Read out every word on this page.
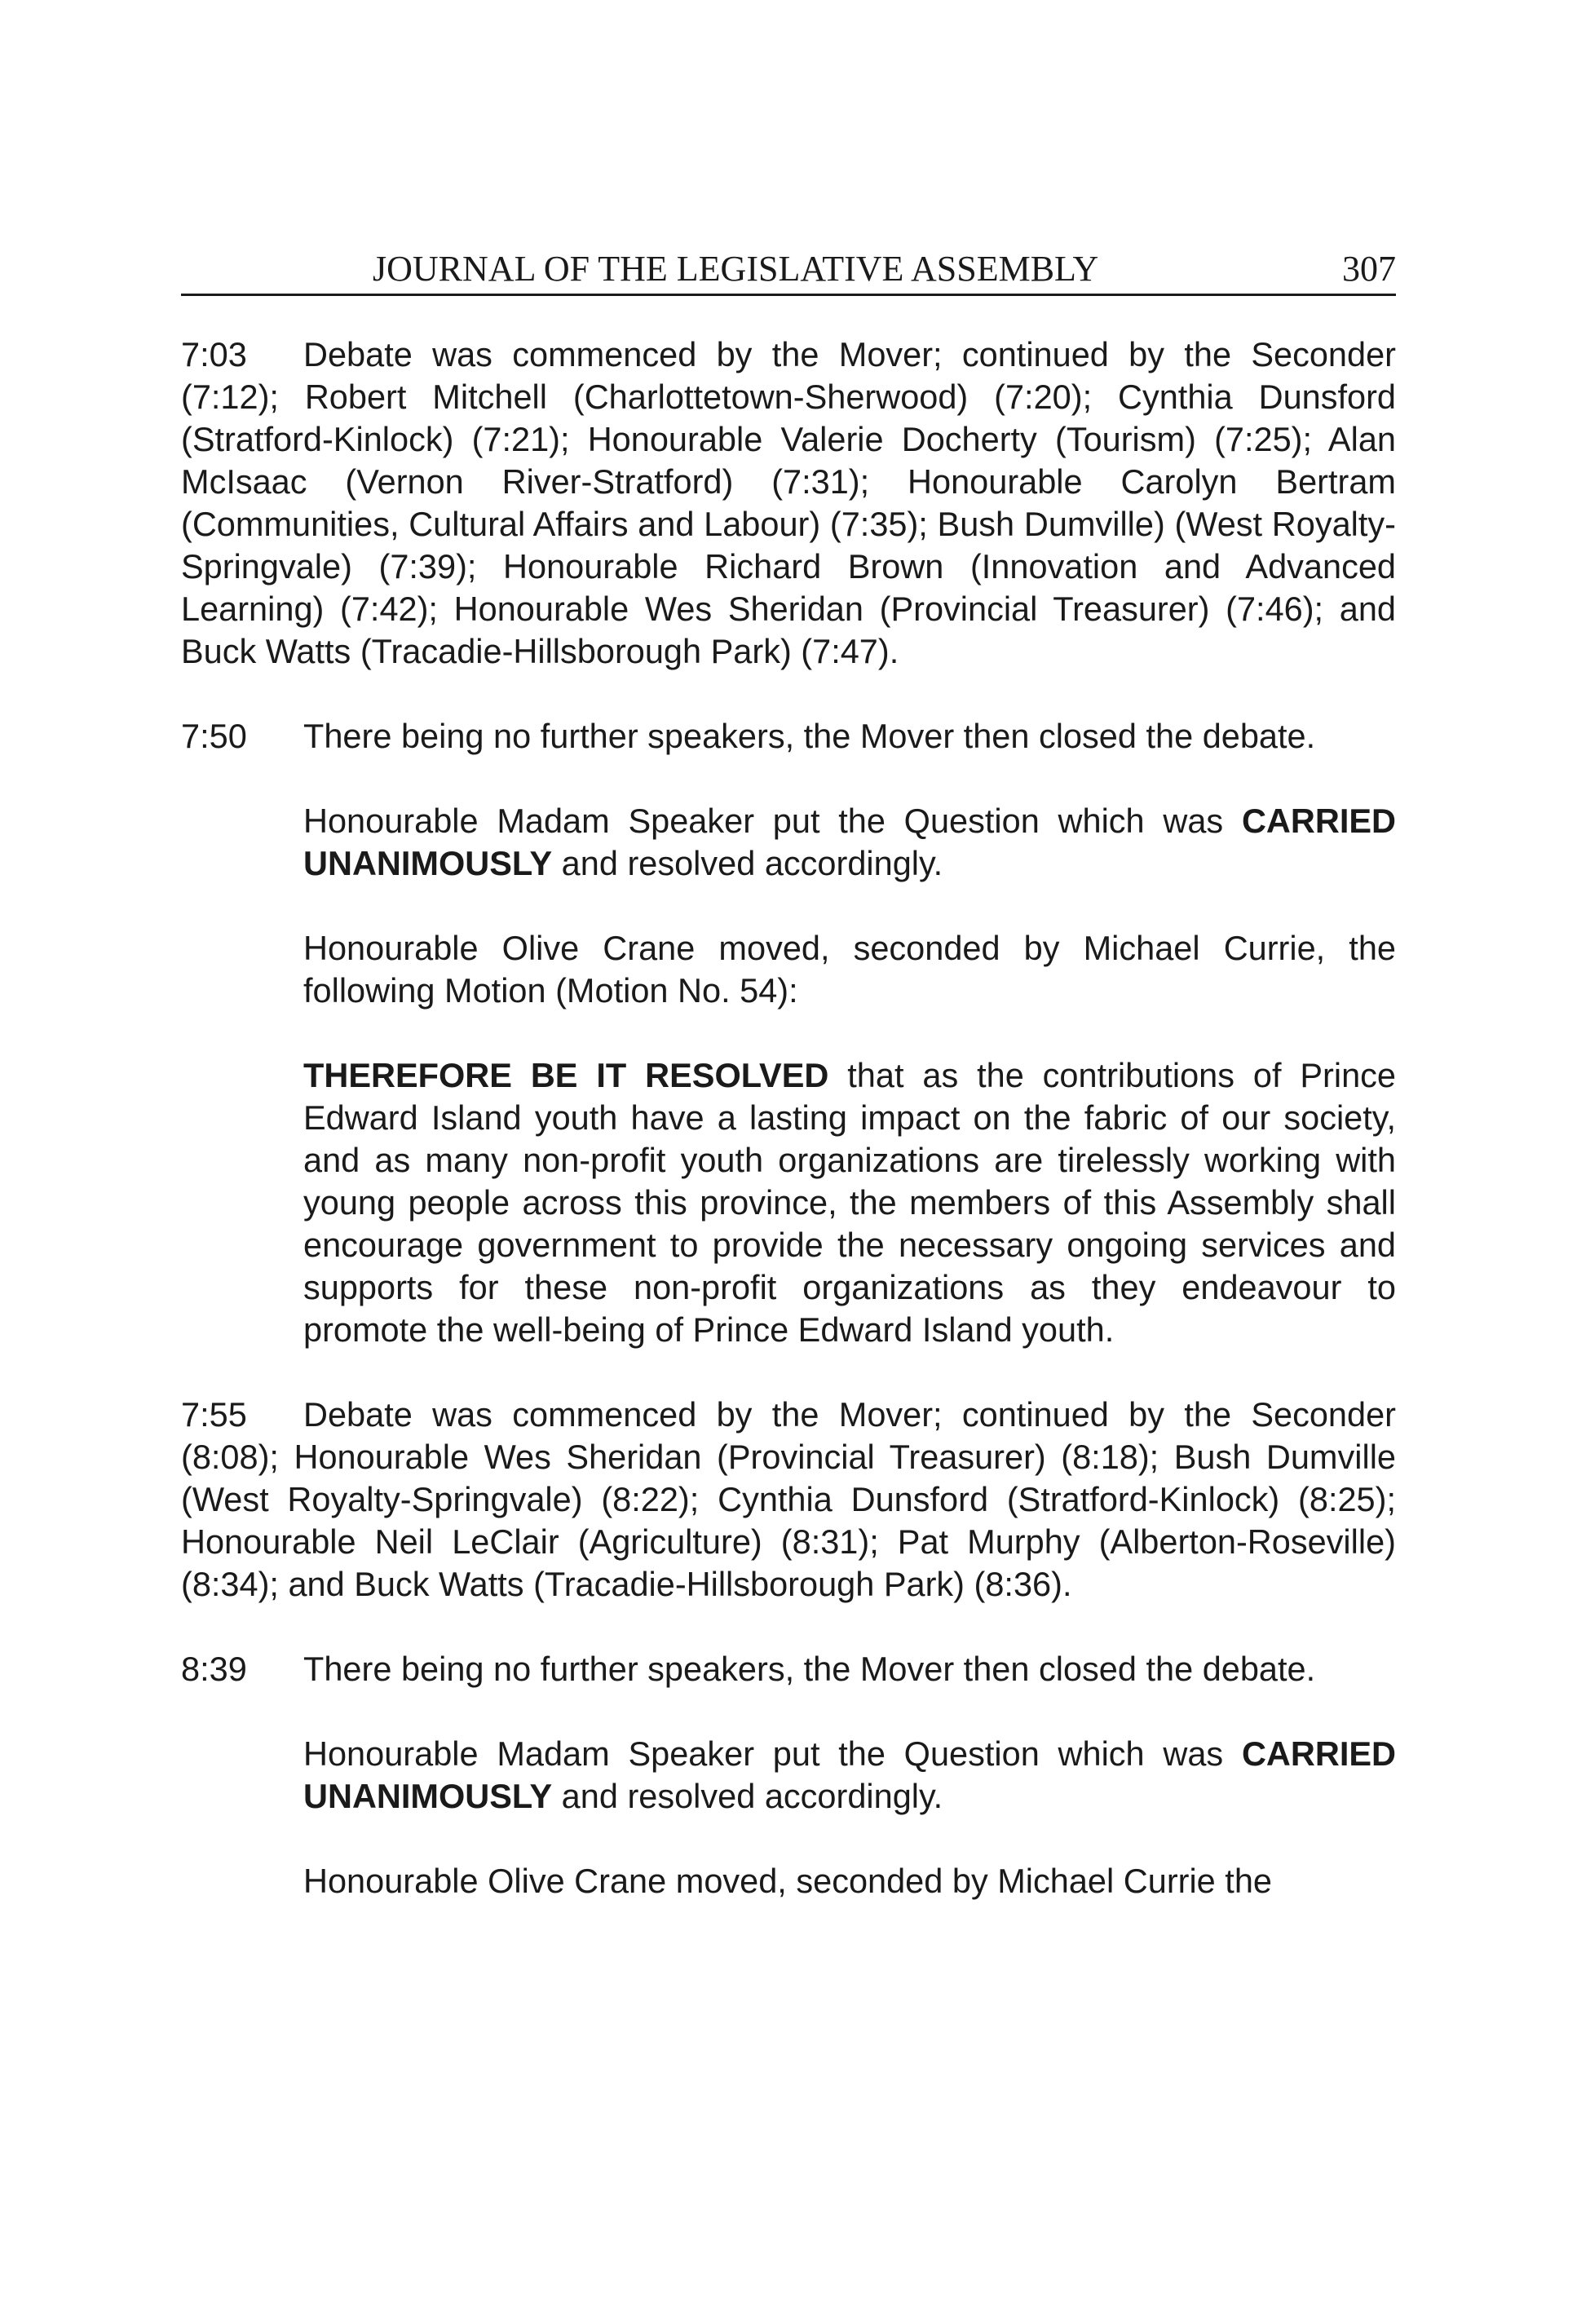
JOURNAL OF THE LEGISLATIVE ASSEMBLY	307

7:03 Debate was commenced by the Mover; continued by the Seconder (7:12); Robert Mitchell (Charlottetown-Sherwood) (7:20); Cynthia Dunsford (Stratford-Kinlock) (7:21); Honourable Valerie Docherty (Tourism) (7:25); Alan McIsaac (Vernon River-Stratford) (7:31); Honourable Carolyn Bertram (Communities, Cultural Affairs and Labour) (7:35); Bush Dumville) (West Royalty-Springvale) (7:39); Honourable Richard Brown (Innovation and Advanced Learning) (7:42); Honourable Wes Sheridan (Provincial Treasurer) (7:46); and Buck Watts (Tracadie-Hillsborough Park) (7:47).

7:50	There being no further speakers, the Mover then closed the debate.

Honourable Madam Speaker put the Question which was CARRIED UNANIMOUSLY and resolved accordingly.

Honourable Olive Crane moved, seconded by Michael Currie, the following Motion (Motion No. 54):

THEREFORE BE IT RESOLVED that as the contributions of Prince Edward Island youth have a lasting impact on the fabric of our society, and as many non-profit youth organizations are tirelessly working with young people across this province, the members of this Assembly shall encourage government to provide the necessary ongoing services and supports for these non-profit organizations as they endeavour to promote the well-being of Prince Edward Island youth.

7:55 Debate was commenced by the Mover; continued by the Seconder (8:08); Honourable Wes Sheridan (Provincial Treasurer) (8:18); Bush Dumville (West Royalty-Springvale) (8:22); Cynthia Dunsford (Stratford-Kinlock) (8:25); Honourable Neil LeClair (Agriculture) (8:31); Pat Murphy (Alberton-Roseville) (8:34); and Buck Watts (Tracadie-Hillsborough Park) (8:36).

8:39	There being no further speakers, the Mover then closed the debate.

Honourable Madam Speaker put the Question which was CARRIED UNANIMOUSLY and resolved accordingly.

Honourable Olive Crane moved, seconded by Michael Currie the
